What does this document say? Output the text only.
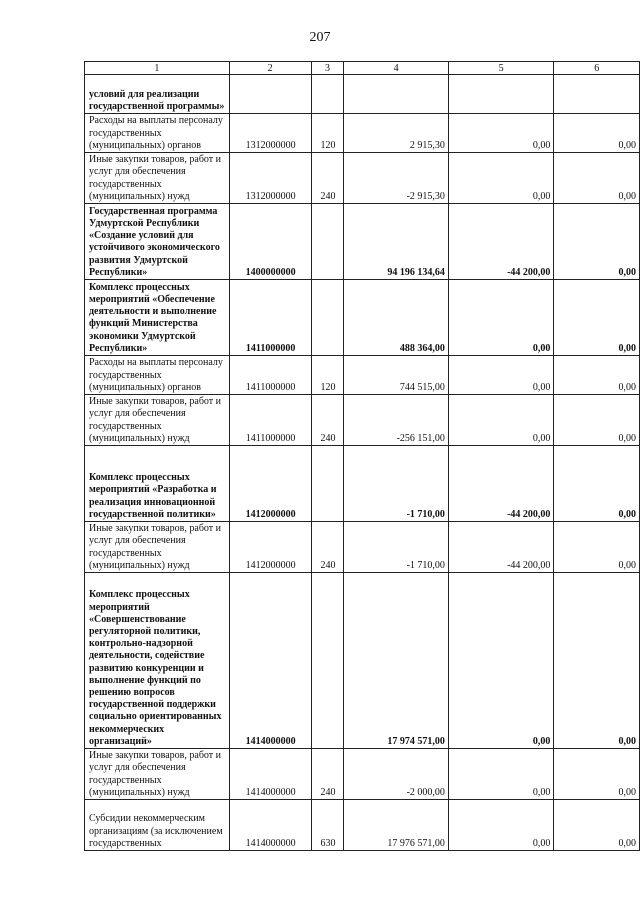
207
1	2	3	4	5	6
условий для реализации государственной программы»					
Расходы на выплаты персоналу государственных (муниципальных) органов	1312000000	120	2 915,30	0,00	0,00
Иные закупки товаров, работ и услуг для обеспечения государственных (муниципальных) нужд	1312000000	240	-2 915,30	0,00	0,00
Государственная программа Удмуртской Республики «Создание условий для устойчивого экономического развития Удмуртской Республики»	1400000000		94 196 134,64	-44 200,00	0,00
Комплекс процессных мероприятий «Обеспечение деятельности и выполнение функций Министерства экономики Удмуртской Республики»	1411000000		488 364,00	0,00	0,00
Расходы на выплаты персоналу государственных (муниципальных) органов	1411000000	120	744 515,00	0,00	0,00
Иные закупки товаров, работ и услуг для обеспечения государственных (муниципальных) нужд	1411000000	240	-256 151,00	0,00	0,00
Комплекс процессных мероприятий «Разработка и реализация инновационной государственной политики»	1412000000		-1 710,00	-44 200,00	0,00
Иные закупки товаров, работ и услуг для обеспечения государственных (муниципальных) нужд	1412000000	240	-1 710,00	-44 200,00	0,00
Комплекс процессных мероприятий «Совершенствование регуляторной политики, контрольно-надзорной деятельности, содействие развитию конкуренции и выполнение функций по решению вопросов государственной поддержки социально ориентированных некоммерческих организаций»	1414000000		17 974 571,00	0,00	0,00
Иные закупки товаров, работ и услуг для обеспечения государственных (муниципальных) нужд	1414000000	240	-2 000,00	0,00	0,00
Субсидии некоммерческим организациям (за исключением государственных	1414000000	630	17 976 571,00	0,00	0,00
